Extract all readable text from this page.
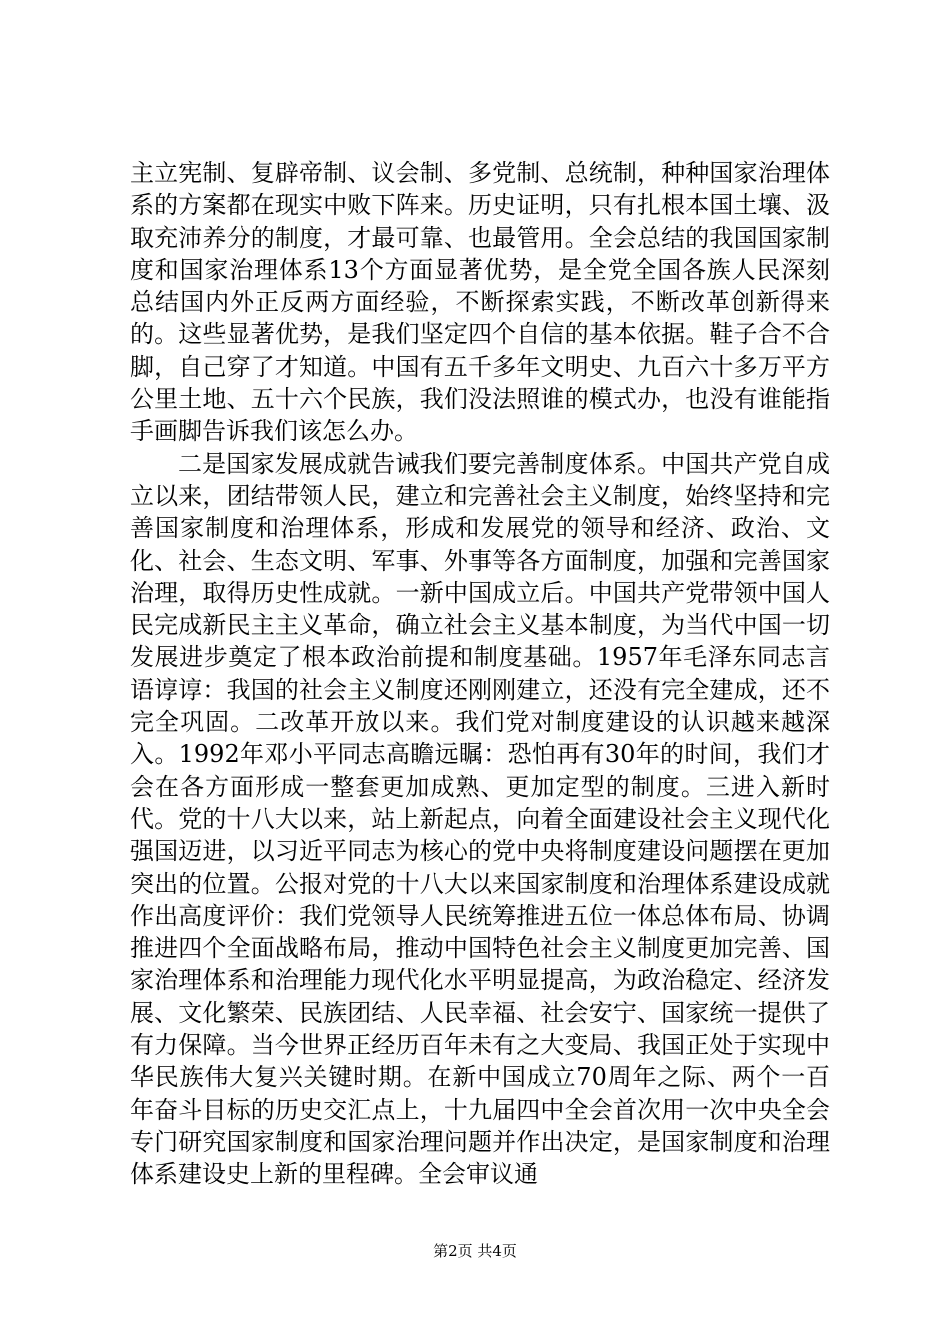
主立宪制、复辟帝制、议会制、多党制、总统制，种种国家治理体系的方案都在现实中败下阵来。历史证明，只有扎根本国土壤、汲取充沛养分的制度，才最可靠、也最管用。全会总结的我国国家制度和国家治理体系13个方面显著优势，是全党全国各族人民深刻总结国内外正反两方面经验，不断探索实践，不断改革创新得来的。这些显著优势，是我们坚定四个自信的基本依据。鞋子合不合脚，自己穿了才知道。中国有五千多年文明史、九百六十多万平方公里土地、五十六个民族，我们没法照谁的模式办，也没有谁能指手画脚告诉我们该怎么办。

二是国家发展成就告诫我们要完善制度体系。中国共产党自成立以来，团结带领人民，建立和完善社会主义制度，始终坚持和完善国家制度和治理体系，形成和发展党的领导和经济、政治、文化、社会、生态文明、军事、外事等各方面制度，加强和完善国家治理，取得历史性成就。一新中国成立后。中国共产党带领中国人民完成新民主主义革命，确立社会主义基本制度，为当代中国一切发展进步奠定了根本政治前提和制度基础。1957年毛泽东同志言语谆谆：我国的社会主义制度还刚刚建立，还没有完全建成，还不完全巩固。二改革开放以来。我们党对制度建设的认识越来越深入。1992年邓小平同志高瞻远瞩：恐怕再有30年的时间，我们才会在各方面形成一整套更加成熟、更加定型的制度。三进入新时代。党的十八大以来，站上新起点，向着全面建设社会主义现代化强国迈进，以习近平同志为核心的党中央将制度建设问题摆在更加突出的位置。公报对党的十八大以来国家制度和治理体系建设成就作出高度评价：我们党领导人民统筹推进五位一体总体布局、协调推进四个全面战略布局，推动中国特色社会主义制度更加完善、国家治理体系和治理能力现代化水平明显提高，为政治稳定、经济发展、文化繁荣、民族团结、人民幸福、社会安宁、国家统一提供了有力保障。当今世界正经历百年未有之大变局、我国正处于实现中华民族伟大复兴关键时期。在新中国成立70周年之际、两个一百年奋斗目标的历史交汇点上，十九届四中全会首次用一次中央全会专门研究国家制度和国家治理问题并作出决定，是国家制度和治理体系建设史上新的里程碑。全会审议通

第2页 共4页
